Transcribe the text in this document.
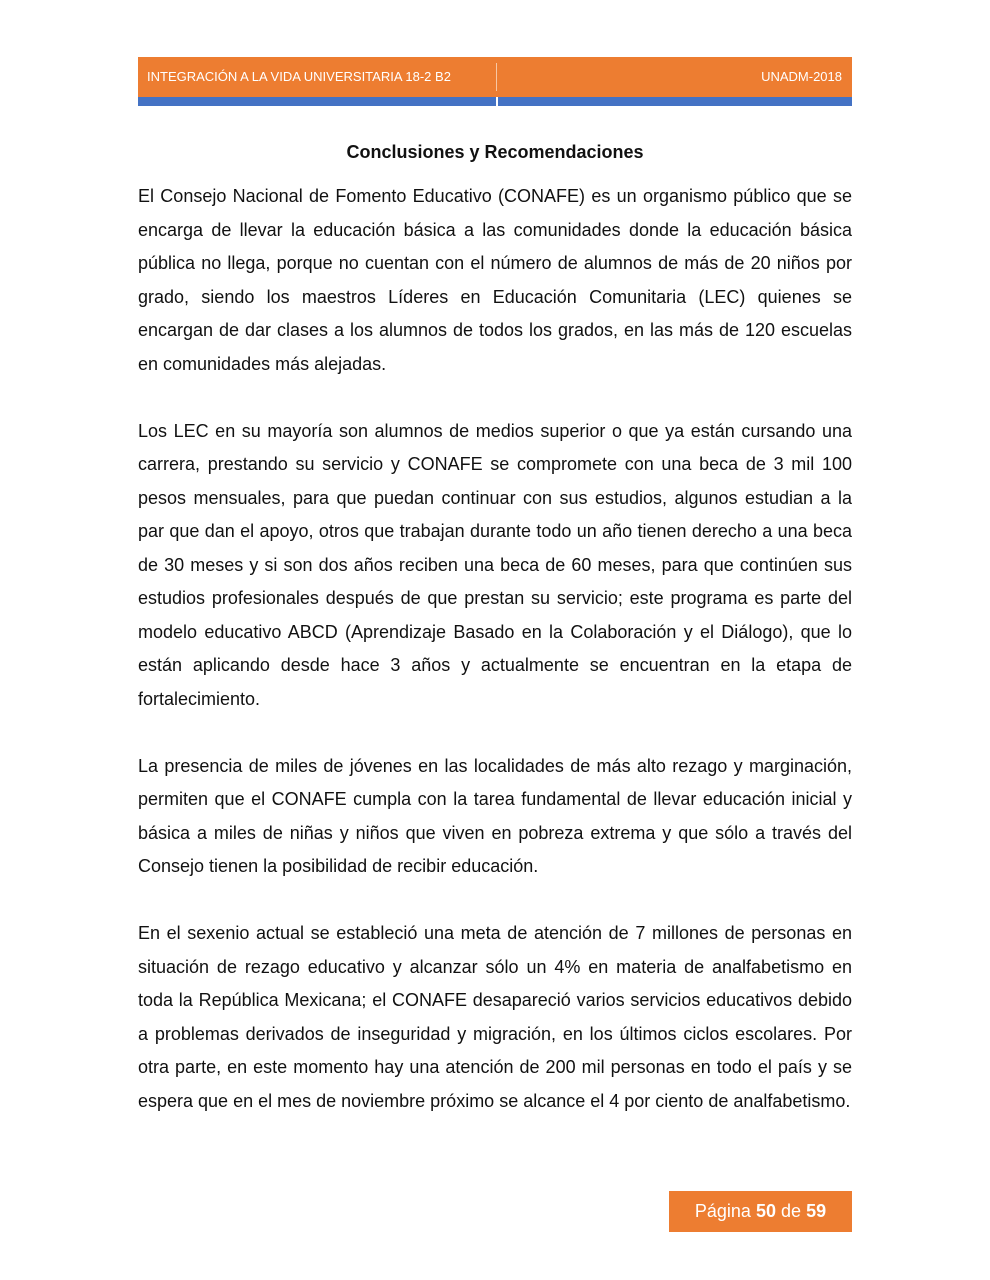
INTEGRACIÓN A LA VIDA UNIVERSITARIA 18-2 B2	UNADM-2018
Conclusiones y Recomendaciones

El Consejo Nacional de Fomento Educativo (CONAFE) es un organismo público que se encarga de llevar la educación básica a las comunidades donde la educación básica pública no llega, porque no cuentan con el número de alumnos de más de 20 niños por grado, siendo los maestros Líderes en Educación Comunitaria (LEC) quienes se encargan de dar clases a los alumnos de todos los grados, en las más de 120 escuelas en comunidades más alejadas.

Los LEC en su mayoría son alumnos de medios superior o que ya están cursando una carrera, prestando su servicio y CONAFE se compromete con una beca de 3 mil 100 pesos mensuales, para que puedan continuar con sus estudios, algunos estudian a la par que dan el apoyo, otros que trabajan durante todo un año tienen derecho a una beca de 30 meses y si son dos años reciben una beca de 60 meses, para que continúen sus estudios profesionales después de que prestan su servicio; este programa es parte del modelo educativo ABCD (Aprendizaje Basado en la Colaboración y el Diálogo), que lo están aplicando desde hace 3 años y actualmente se encuentran en la etapa de fortalecimiento.

La presencia de miles de jóvenes en las localidades de más alto rezago y marginación, permiten que el CONAFE cumpla con la tarea fundamental de llevar educación inicial y básica a miles de niñas y niños que viven en pobreza extrema y que sólo a través del Consejo tienen la posibilidad de recibir educación.

En el sexenio actual se estableció una meta de atención de 7 millones de personas en situación de rezago educativo y alcanzar sólo un 4% en materia de analfabetismo en toda la República Mexicana; el CONAFE desapareció varios servicios educativos debido a problemas derivados de inseguridad y migración, en los últimos ciclos escolares. Por otra parte, en este momento hay una atención de 200 mil personas en todo el país y se espera que en el mes de noviembre próximo se alcance el 4 por ciento de analfabetismo.

Página 50 de 59
